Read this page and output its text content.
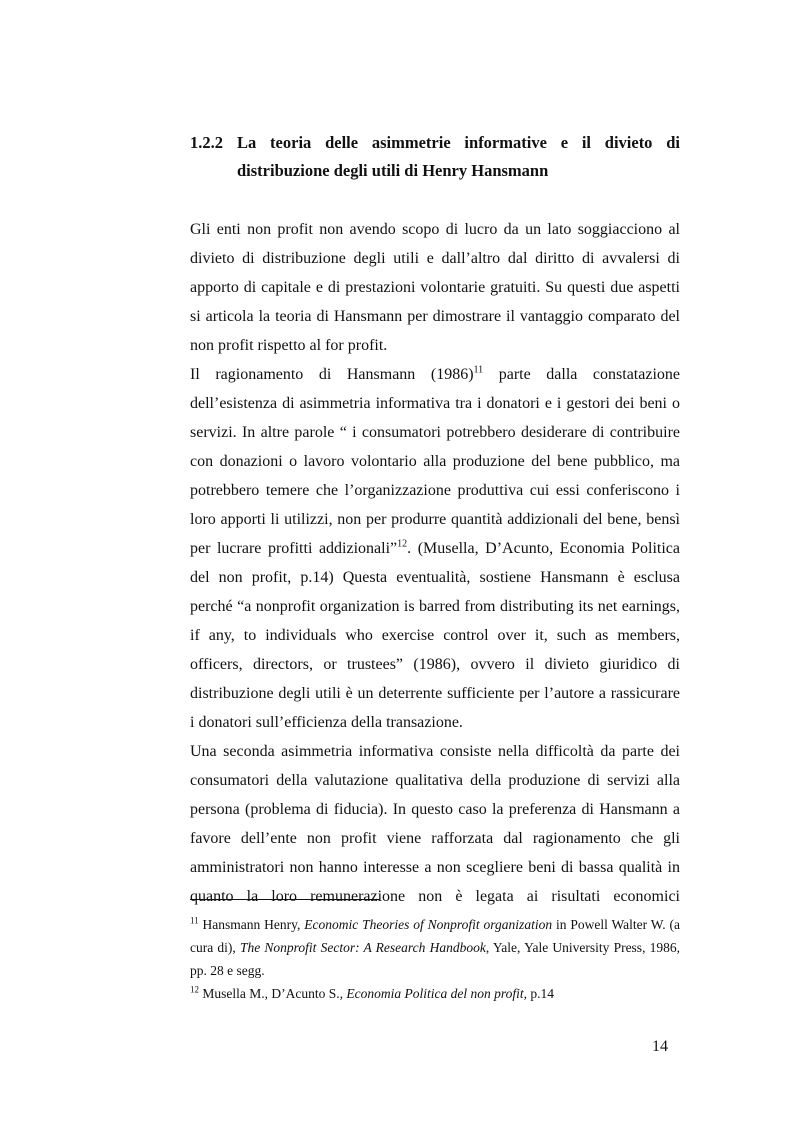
1.2.2 La teoria delle asimmetrie informative e il divieto di
distribuzione degli utili di Henry Hansmann

Gli enti non profit non avendo scopo di lucro da un lato soggiacciono al divieto di distribuzione degli utili e dall’altro dal diritto di avvalersi di apporto di capitale e di prestazioni volontarie gratuiti. Su questi due aspetti si articola la teoria di Hansmann per dimostrare il vantaggio comparato del non profit rispetto al for profit.

Il ragionamento di Hansmann (1986)$^{11}$ parte dalla constatazione dell’esistenza di asimmetria informativa tra i donatori e i gestori dei beni o servizi. In altre parole “ i consumatori potrebbero desiderare di contribuire con donazioni o lavoro volontario alla produzione del bene pubblico, ma potrebbero temere che l’organizzazione produttiva cui essi conferiscono i loro apporti li utilizzi, non per produrre quantità addizionali del bene, bensì per lucrare profitti addizionali”$^{12}$. (Musella, D’Acunto, Economia Politica del non profit, p.14) Questa eventualità, sostiene Hansmann è esclusa perché “a nonprofit organization is barred from distributing its net earnings, if any, to individuals who exercise control over it, such as members, officers, directors, or trustees” (1986), ovvero il divieto giuridico di distribuzione degli utili è un deterrente sufficiente per l’autore a rassicurare i donatori sull’efficienza della transazione.

Una seconda asimmetria informativa consiste nella difficoltà da parte dei consumatori della valutazione qualitativa della produzione di servizi alla persona (problema di fiducia). In questo caso la preferenza di Hansmann a favore dell’ente non profit viene rafforzata dal ragionamento che gli amministratori non hanno interesse a non scegliere beni di bassa qualità in quanto la loro remunerazione non è legata ai risultati economici

$^{11}$ Hansmann Henry, Economic Theories of Nonprofit organization in Powell Walter W. (a cura di), The Nonprofit Sector: A Research Handbook, Yale, Yale University Press, 1986, pp. 28 e segg.

$^{12}$ Musella M., D’Acunto S., Economia Politica del non profit, p.14

14
